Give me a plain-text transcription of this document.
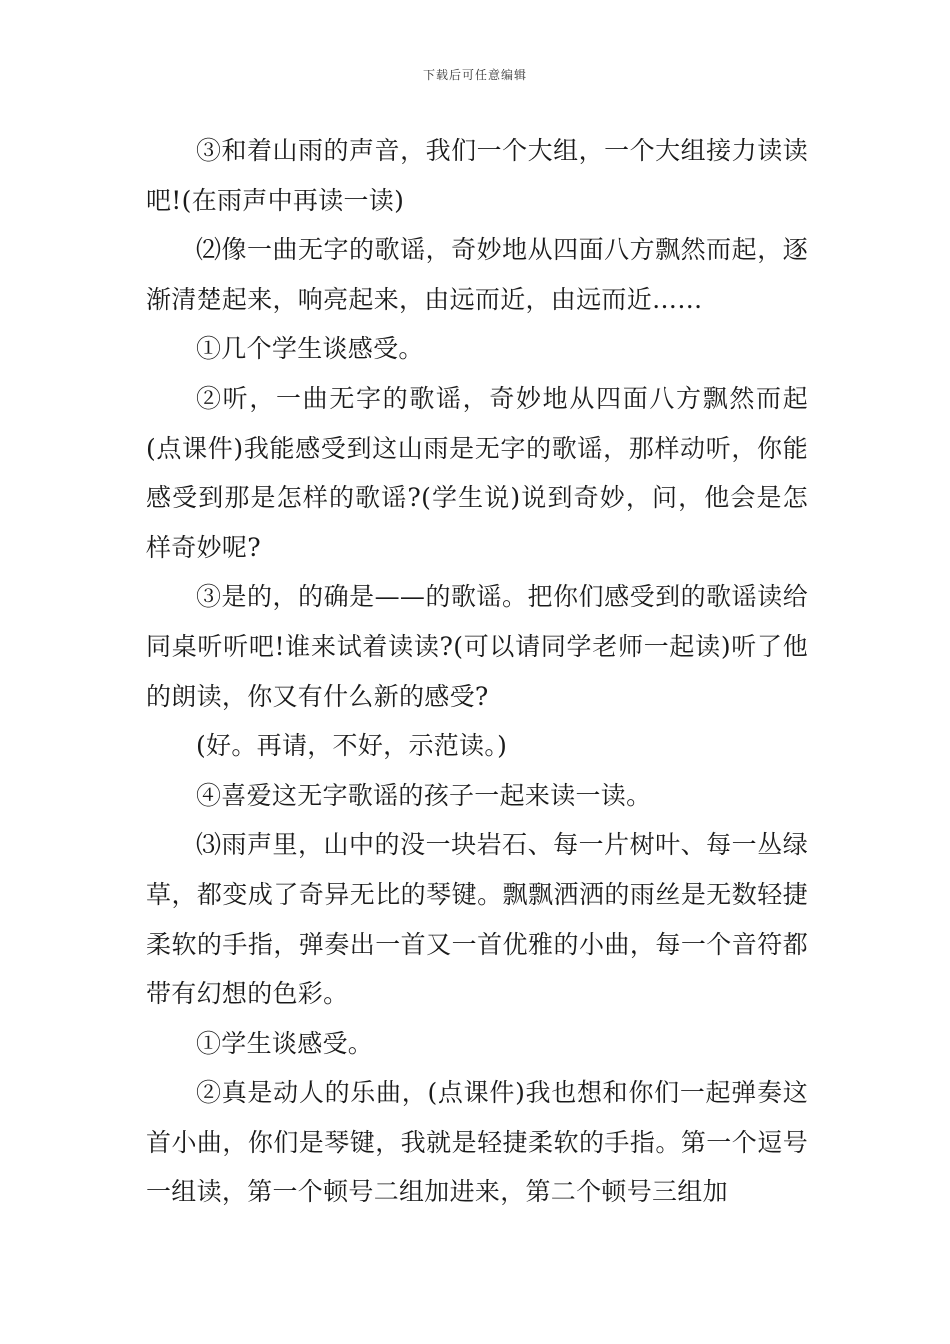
下载后可任意编辑

③和着山雨的声音，我们一个大组，一个大组接力读读吧!(在雨声中再读一读)

⑵像一曲无字的歌谣，奇妙地从四面八方飘然而起，逐渐清楚起来，响亮起来，由远而近，由远而近……

①几个学生谈感受。

②听，一曲无字的歌谣，奇妙地从四面八方飘然而起(点课件)我能感受到这山雨是无字的歌谣，那样动听，你能感受到那是怎样的歌谣?(学生说)说到奇妙，问，他会是怎样奇妙呢?

③是的，的确是——的歌谣。把你们感受到的歌谣读给同桌听听吧!谁来试着读读?(可以请同学老师一起读)听了他的朗读，你又有什么新的感受?

(好。再请，不好，示范读。)

④喜爱这无字歌谣的孩子一起来读一读。

⑶雨声里，山中的没一块岩石、每一片树叶、每一丛绿草，都变成了奇异无比的琴键。飘飘洒洒的雨丝是无数轻捷柔软的手指，弹奏出一首又一首优雅的小曲，每一个音符都带有幻想的色彩。

①学生谈感受。

②真是动人的乐曲，(点课件)我也想和你们一起弹奏这首小曲，你们是琴键，我就是轻捷柔软的手指。第一个逗号一组读，第一个顿号二组加进来，第二个顿号三组加
